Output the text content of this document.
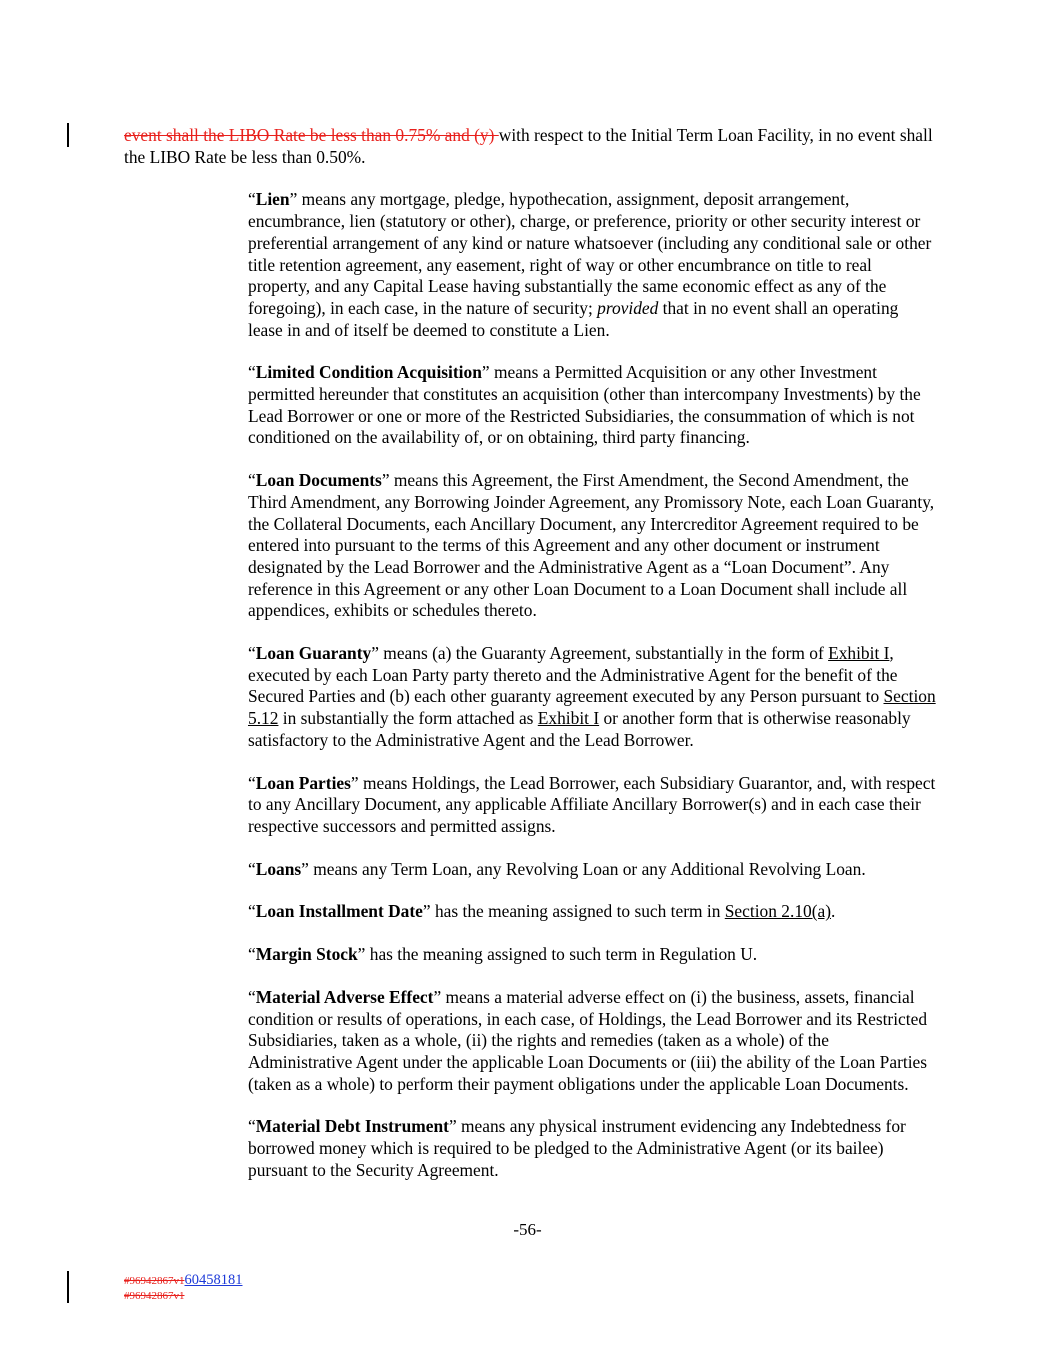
event shall the LIBO Rate be less than 0.75% and (y) with respect to the Initial Term Loan Facility, in no event shall the LIBO Rate be less than 0.50%.

“Lien” means any mortgage, pledge, hypothecation, assignment, deposit arrangement, encumbrance, lien (statutory or other), charge, or preference, priority or other security interest or preferential arrangement of any kind or nature whatsoever (including any conditional sale or other title retention agreement, any easement, right of way or other encumbrance on title to real property, and any Capital Lease having substantially the same economic effect as any of the foregoing), in each case, in the nature of security; provided that in no event shall an operating lease in and of itself be deemed to constitute a Lien.

“Limited Condition Acquisition” means a Permitted Acquisition or any other Investment permitted hereunder that constitutes an acquisition (other than intercompany Investments) by the Lead Borrower or one or more of the Restricted Subsidiaries, the consummation of which is not conditioned on the availability of, or on obtaining, third party financing.

“Loan Documents” means this Agreement, the First Amendment, the Second Amendment, the Third Amendment, any Borrowing Joinder Agreement, any Promissory Note, each Loan Guaranty, the Collateral Documents, each Ancillary Document, any Intercreditor Agreement required to be entered into pursuant to the terms of this Agreement and any other document or instrument designated by the Lead Borrower and the Administrative Agent as a “Loan Document”. Any reference in this Agreement or any other Loan Document to a Loan Document shall include all appendices, exhibits or schedules thereto.

“Loan Guaranty” means (a) the Guaranty Agreement, substantially in the form of Exhibit I, executed by each Loan Party party thereto and the Administrative Agent for the benefit of the Secured Parties and (b) each other guaranty agreement executed by any Person pursuant to Section 5.12 in substantially the form attached as Exhibit I or another form that is otherwise reasonably satisfactory to the Administrative Agent and the Lead Borrower.

“Loan Parties” means Holdings, the Lead Borrower, each Subsidiary Guarantor, and, with respect to any Ancillary Document, any applicable Affiliate Ancillary Borrower(s) and in each case their respective successors and permitted assigns.

“Loans” means any Term Loan, any Revolving Loan or any Additional Revolving Loan.

“Loan Installment Date” has the meaning assigned to such term in Section 2.10(a).

“Margin Stock” has the meaning assigned to such term in Regulation U.

“Material Adverse Effect” means a material adverse effect on (i) the business, assets, financial condition or results of operations, in each case, of Holdings, the Lead Borrower and its Restricted Subsidiaries, taken as a whole, (ii) the rights and remedies (taken as a whole) of the Administrative Agent under the applicable Loan Documents or (iii) the ability of the Loan Parties (taken as a whole) to perform their payment obligations under the applicable Loan Documents.

“Material Debt Instrument” means any physical instrument evidencing any Indebtedness for borrowed money which is required to be pledged to the Administrative Agent (or its bailee) pursuant to the Security Agreement.

-56-
#96942867v160458181
#96942867v1
